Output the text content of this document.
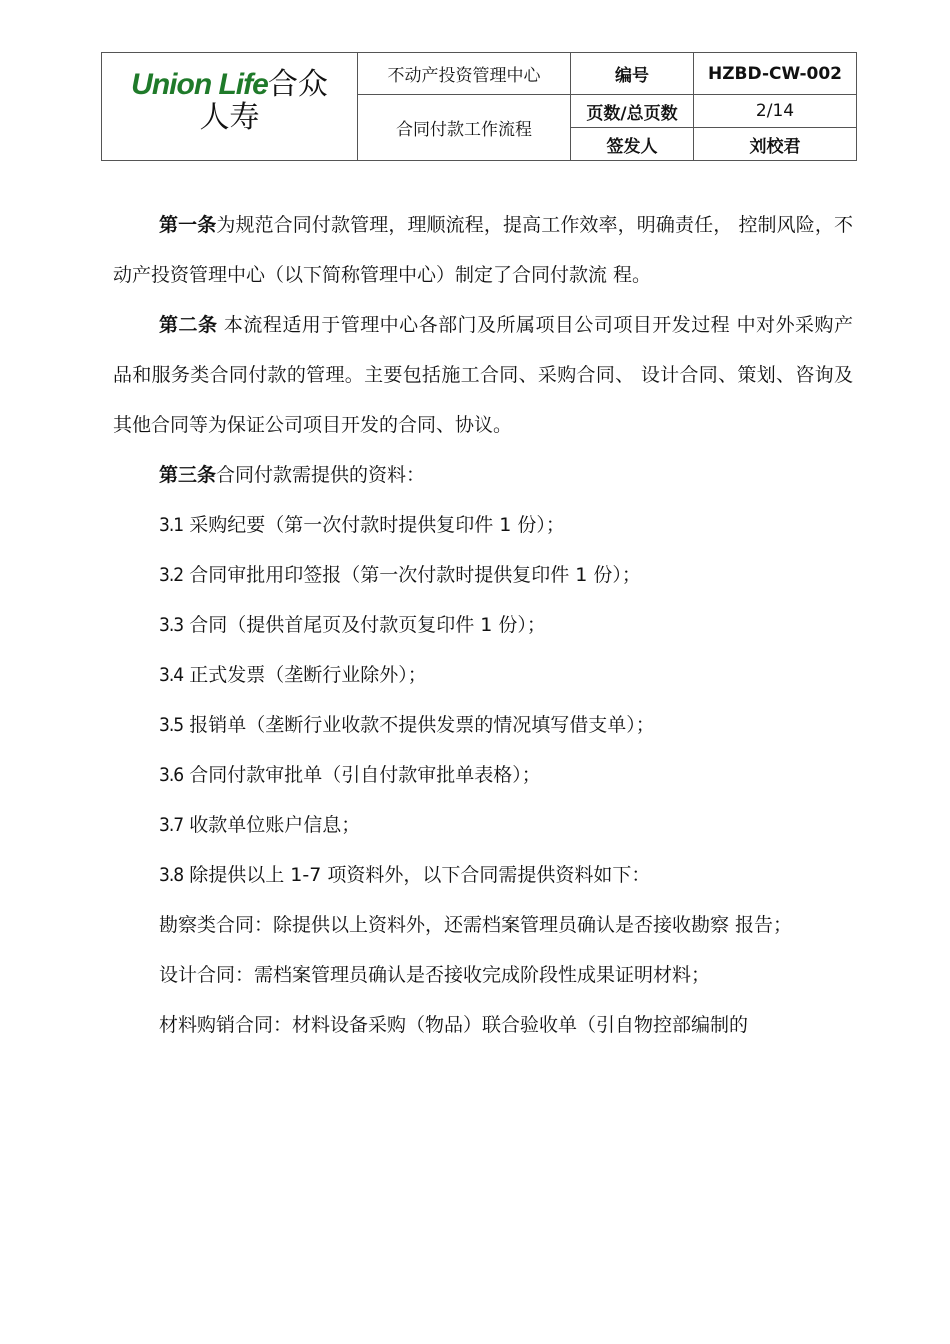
Union Life合众
人寿	不动产投资管理中心	编号	HZBD-CW-002
	合同付款工作流程	页数/总页数	2/14
		签发人	刘校君

第一条为规范合同付款管理，理顺流程，提高工作效率，明确责任， 控制风险，不动产投资管理中心（以下简称管理中心）制定了合同付款流 程。

第二条 本流程适用于管理中心各部门及所属项目公司项目开发过程 中对外采购产品和服务类合同付款的管理。主要包括施工合同、采购合同、 设计合同、策划、咨询及其他合同等为保证公司项目开发的合同、协议。

第三条合同付款需提供的资料：

3.1 采购纪要（第一次付款时提供复印件 1 份）；

3.2 合同审批用印签报（第一次付款时提供复印件 1 份）；

3.3 合同（提供首尾页及付款页复印件 1 份）；

3.4 正式发票（垄断行业除外）；

3.5 报销单（垄断行业收款不提供发票的情况填写借支单）；

3.6 合同付款审批单（引自付款审批单表格）；

3.7 收款单位账户信息；

3.8 除提供以上 1-7 项资料外，以下合同需提供资料如下：

勘察类合同：除提供以上资料外，还需档案管理员确认是否接收勘察 报告；

设计合同：需档案管理员确认是否接收完成阶段性成果证明材料；

材料购销合同：材料设备采购（物品）联合验收单（引自物控部编制的
